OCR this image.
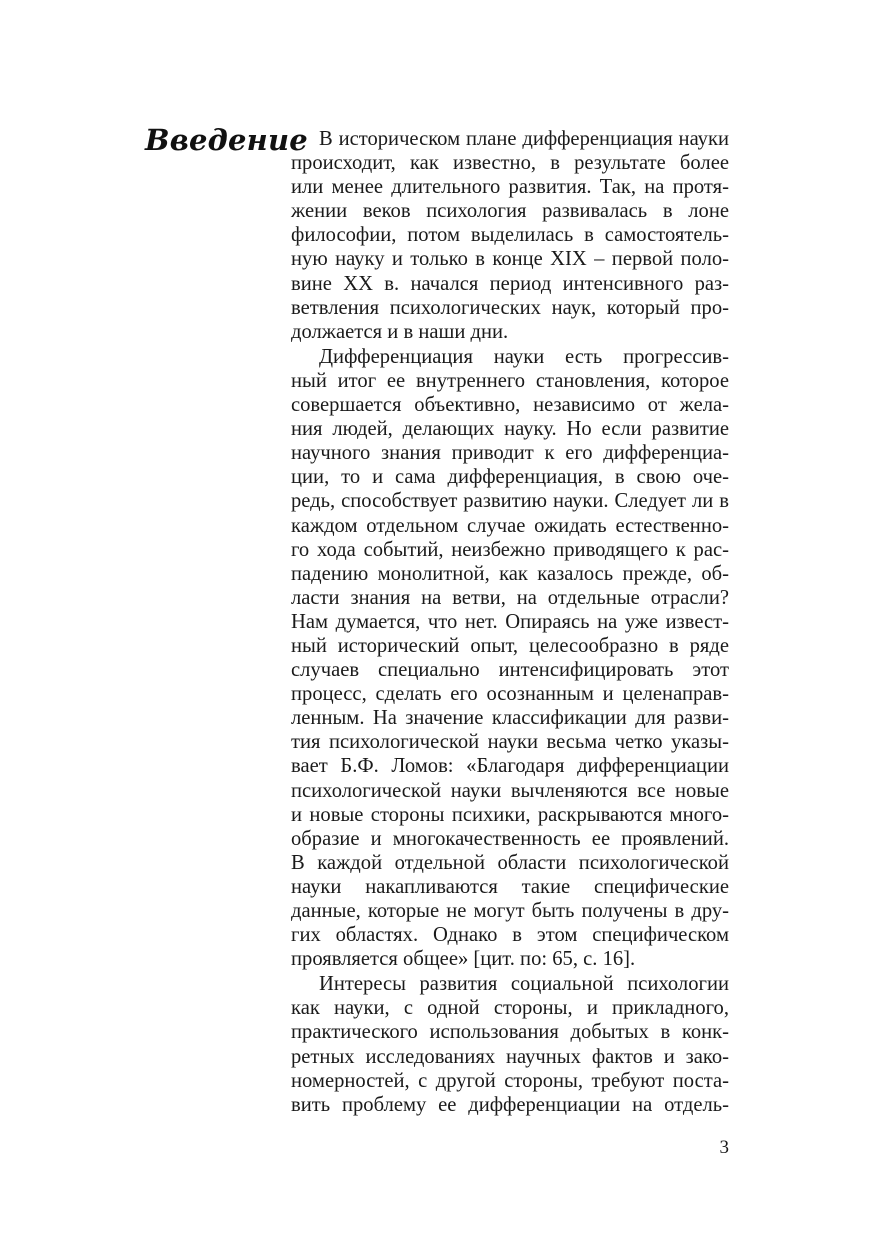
Введение В историческом плане дифференциация науки
происходит, как известно, в результате более
или менее длительного развития. Так, на протя-
жении веков психология развивалась в лоне
философии, потом выделилась в самостоятель-
ную науку и только в конце XIX – первой поло-
вине XX в. начался период интенсивного раз-
ветвления психологических наук, который про-
должается и в наши дни.
Дифференциация науки есть прогрессив-
ный итог ее внутреннего становления, которое
совершается объективно, независимо от жела-
ния людей, делающих науку. Но если развитие
научного знания приводит к его дифференциа-
ции, то и сама дифференциация, в свою оче-
редь, способствует развитию науки. Следует ли в
каждом отдельном случае ожидать естественно-
го хода событий, неизбежно приводящего к рас-
падению монолитной, как казалось прежде, об-
ласти знания на ветви, на отдельные отрасли?
Нам думается, что нет. Опираясь на уже извест-
ный исторический опыт, целесообразно в ряде
случаев специально интенсифицировать этот
процесс, сделать его осознанным и целенаправ-
ленным. На значение классификации для разви-
тия психологической науки весьма четко указы-
вает Б.Ф. Ломов: «Благодаря дифференциации
психологической науки вычленяются все новые
и новые стороны психики, раскрываются много-
образие и многокачественность ее проявлений.
В каждой отдельной области психологической
науки накапливаются такие специфические
данные, которые не могут быть получены в дру-
гих областях. Однако в этом специфическом
проявляется общее» [цит. по: 65, с. 16].
Интересы развития социальной психологии
как науки, с одной стороны, и прикладного,
практического использования добытых в конк-
ретных исследованиях научных фактов и зако-
номерностей, с другой стороны, требуют поста-
вить проблему ее дифференциации на отдель-
3
